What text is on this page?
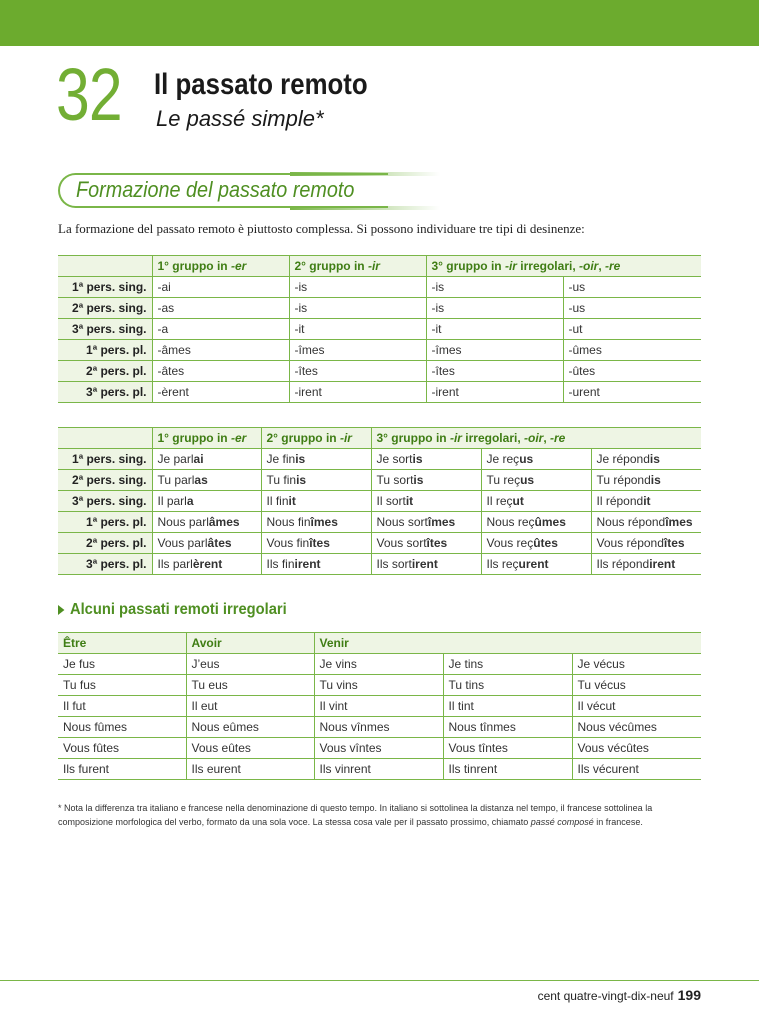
32 Il passato remoto
Le passé simple*
Formazione del passato remoto
La formazione del passato remoto è piuttosto complessa. Si possono individuare tre tipi di desinenze:
	1° gruppo in -er	2° gruppo in -ir	3° gruppo in -ir irregolari, -oir, -re	
1ª pers. sing.	-ai	-is	-is	-us
2ª pers. sing.	-as	-is	-is	-us
3ª pers. sing.	-a	-it	-it	-ut
1ª pers. pl.	-âmes	-îmes	-îmes	-ûmes
2ª pers. pl.	-âtes	-îtes	-îtes	-ûtes
3ª pers. pl.	-èrent	-irent	-irent	-urent
	1° gruppo in -er	2° gruppo in -ir	3° gruppo in -ir irregolari, -oir, -re		
1ª pers. sing.	Je parlai	Je finis	Je sortis	Je reçus	Je répondis
2ª pers. sing.	Tu parlas	Tu finis	Tu sortis	Tu reçus	Tu répondis
3ª pers. sing.	Il parla	Il finit	Il sortit	Il reçut	Il répondit
1ª pers. pl.	Nous parlâmes	Nous finîmes	Nous sortîmes	Nous reçûmes	Nous répondîmes
2ª pers. pl.	Vous parlâtes	Vous finîtes	Vous sortîtes	Vous reçûtes	Vous répondîtes
3ª pers. pl.	Ils parlèrent	Ils finirent	Ils sortirent	Ils reçurent	Ils répondirent
Alcuni passati remoti irregolari
Être	Avoir	Venir		
Je fus	J’eus	Je vins	Je tins	Je vécus
Tu fus	Tu eus	Tu vins	Tu tins	Tu vécus
Il fut	Il eut	Il vint	Il tint	Il vécut
Nous fûmes	Nous eûmes	Nous vînmes	Nous tînmes	Nous vécûmes
Vous fûtes	Vous eûtes	Vous vîntes	Vous tîntes	Vous vécûtes
Ils furent	Ils eurent	Ils vinrent	Ils tinrent	Ils vécurent
* Nota la differenza tra italiano e francese nella denominazione di questo tempo. In italiano si sottolinea la distanza nel tempo, il francese sottolinea la composizione morfologica del verbo, formato da una sola voce. La stessa cosa vale per il passato prossimo, chiamato passé composé in francese.
cent quatre-vingt-dix-neuf 199
